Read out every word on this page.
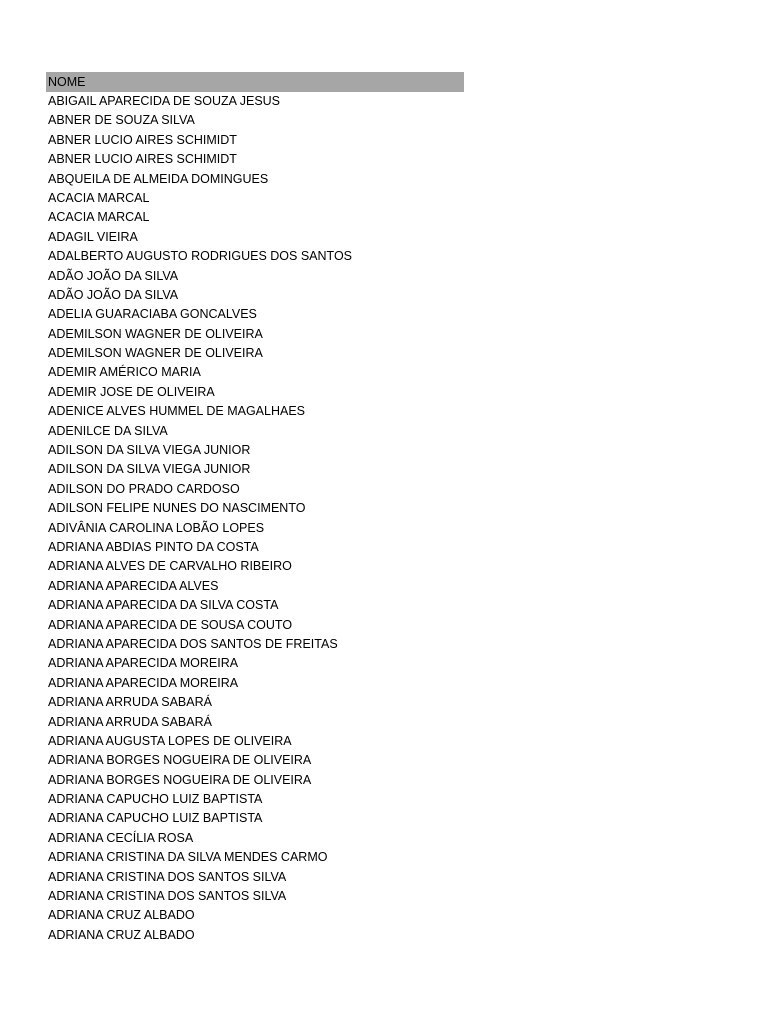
NOME
ABIGAIL APARECIDA DE SOUZA JESUS
ABNER DE SOUZA SILVA
ABNER LUCIO AIRES SCHIMIDT
ABNER LUCIO AIRES SCHIMIDT
ABQUEILA DE ALMEIDA DOMINGUES
ACACIA MARCAL
ACACIA MARCAL
ADAGIL VIEIRA
ADALBERTO AUGUSTO RODRIGUES DOS SANTOS
ADÃO JOÃO DA SILVA
ADÃO JOÃO DA SILVA
ADELIA GUARACIABA GONCALVES
ADEMILSON WAGNER DE OLIVEIRA
ADEMILSON WAGNER DE OLIVEIRA
ADEMIR AMÉRICO MARIA
ADEMIR JOSE DE OLIVEIRA
ADENICE ALVES HUMMEL DE MAGALHAES
ADENILCE DA SILVA
ADILSON DA SILVA VIEGA JUNIOR
ADILSON DA SILVA VIEGA JUNIOR
ADILSON DO PRADO CARDOSO
ADILSON FELIPE NUNES DO NASCIMENTO
ADIVÂNIA CAROLINA LOBÃO LOPES
ADRIANA ABDIAS PINTO DA COSTA
ADRIANA ALVES DE CARVALHO RIBEIRO
ADRIANA APARECIDA ALVES
ADRIANA APARECIDA DA SILVA COSTA
ADRIANA APARECIDA DE SOUSA COUTO
ADRIANA APARECIDA DOS SANTOS DE FREITAS
ADRIANA APARECIDA MOREIRA
ADRIANA APARECIDA MOREIRA
ADRIANA ARRUDA SABARÁ
ADRIANA ARRUDA SABARÁ
ADRIANA AUGUSTA LOPES DE OLIVEIRA
ADRIANA BORGES NOGUEIRA DE OLIVEIRA
ADRIANA BORGES NOGUEIRA DE OLIVEIRA
ADRIANA CAPUCHO LUIZ BAPTISTA
ADRIANA CAPUCHO LUIZ BAPTISTA
ADRIANA CECÍLIA ROSA
ADRIANA CRISTINA DA SILVA MENDES CARMO
ADRIANA CRISTINA DOS SANTOS SILVA
ADRIANA CRISTINA DOS SANTOS SILVA
ADRIANA CRUZ ALBADO
ADRIANA CRUZ ALBADO
